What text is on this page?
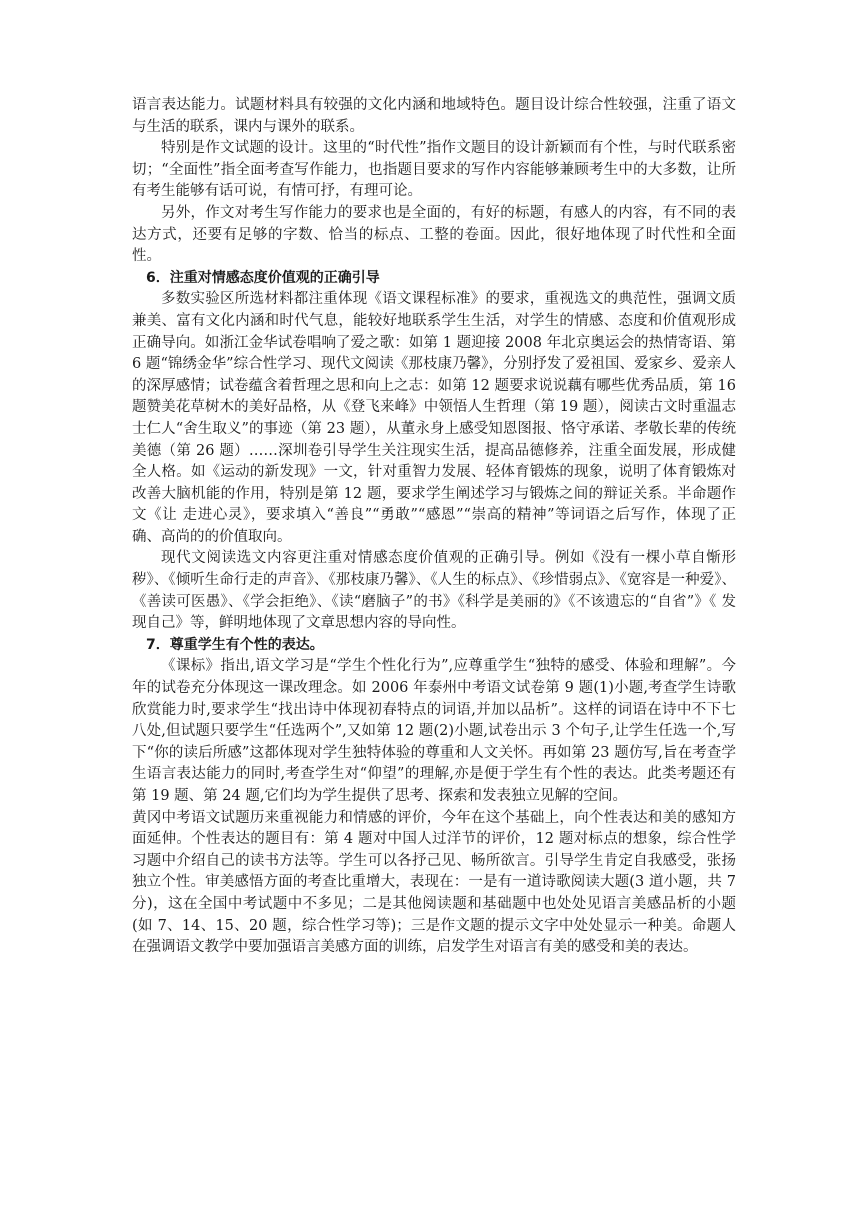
语言表达能力。试题材料具有较强的文化内涵和地域特色。题目设计综合性较强，注重了语文与生活的联系，课内与课外的联系。

特别是作文试题的设计。这里的“时代性”指作文题目的设计新颖而有个性，与时代联系密切；“全面性”指全面考查写作能力，也指题目要求的写作内容能够兼顾考生中的大多数，让所有考生能够有话可说，有情可抒，有理可论。

另外，作文对考生写作能力的要求也是全面的，有好的标题，有感人的内容，有不同的表达方式，还要有足够的字数、恰当的标点、工整的卷面。因此，很好地体现了时代性和全面性。

6．注重对情感态度价值观的正确引导

多数实验区所选材料都注重体现《语文课程标准》的要求，重视选文的典范性，强调文质兼美、富有文化内涵和时代气息，能较好地联系学生生活，对学生的情感、态度和价值观形成正确导向。如浙江金华试卷唱响了爱之歌：如第 1 题迎接 2008 年北京奥运会的热情寄语、第 6 题“锦绣金华”综合性学习、现代文阅读《那枝康乃馨》，分别抒发了爱祖国、爱家乡、爱亲人的深厚感情；试卷蕴含着哲理之思和向上之志：如第 12 题要求说说藕有哪些优秀品质，第 16 题赞美花草树木的美好品格，从《登飞来峰》中领悟人生哲理（第 19 题），阅读古文时重温志士仁人“舍生取义”的事迹（第 23 题），从董永身上感受知恩图报、恪守承诺、孝敬长辈的传统美德（第 26 题）……深圳卷引导学生关注现实生活，提高品德修养，注重全面发展，形成健全人格。如《运动的新发现》一文，针对重智力发展、轻体育锻炼的现象，说明了体育锻炼对改善大脑机能的作用，特别是第 12 题，要求学生阐述学习与锻炼之间的辩证关系。半命题作文《让 走进心灵》，要求填入“善良”“勇敢”“感恩”“崇高的精神”等词语之后写作，体现了正确、高尚的的价值取向。

现代文阅读选文内容更注重对情感态度价值观的正确引导。例如《没有一棵小草自惭形秽》、《倾听生命行走的声音》、《那枝康乃馨》、《人生的标点》、《珍惜弱点》、《宽容是一种爱》、《善读可医愚》、《学会拒绝》、《读“磨脑子”的书》《科学是美丽的》《不该遗忘的“自省”》《 发现自己》等，鲜明地体现了文章思想内容的导向性。

7．尊重学生有个性的表达。

《课标》指出,语文学习是“学生个性化行为”,应尊重学生“独特的感受、体验和理解”。今年的试卷充分体现这一课改理念。如 2006 年泰州中考语文试卷第 9 题(1)小题,考查学生诗歌欣赏能力时,要求学生“找出诗中体现初春特点的词语,并加以品析”。这样的词语在诗中不下七八处,但试题只要学生“任选两个”,又如第 12 题(2)小题,试卷出示 3 个句子,让学生任选一个,写下“你的读后所感”这都体现对学生独特体验的尊重和人文关怀。再如第 23 题仿写,旨在考查学生语言表达能力的同时,考查学生对“仰望”的理解,亦是便于学生有个性的表达。此类考题还有第 19 题、第 24 题,它们均为学生提供了思考、探索和发表独立见解的空间。

黄冈中考语文试题历来重视能力和情感的评价，今年在这个基础上，向个性表达和美的感知方面延伸。个性表达的题目有：第 4 题对中国人过洋节的评价，12 题对标点的想象，综合性学习题中介绍自己的读书方法等。学生可以各抒己见、畅所欲言。引导学生肯定自我感受，张扬独立个性。审美感悟方面的考查比重增大，表现在：一是有一道诗歌阅读大题(3 道小题，共 7 分)，这在全国中考试题中不多见；二是其他阅读题和基础题中也处处见语言美感品析的小题(如 7、14、15、20 题，综合性学习等)；三是作文题的提示文字中处处显示一种美。命题人在强调语文教学中要加强语言美感方面的训练，启发学生对语言有美的感受和美的表达。
